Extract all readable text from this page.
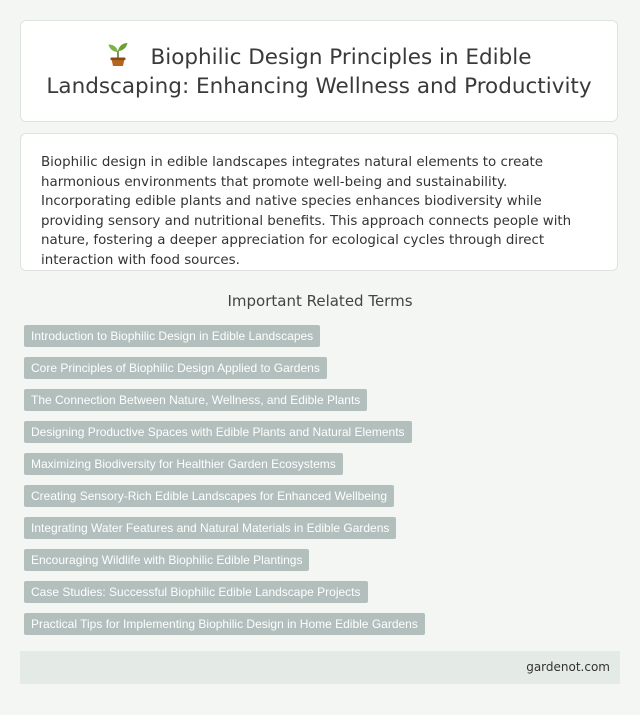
Biophilic Design Principles in Edible Landscaping: Enhancing Wellness and Productivity

Biophilic design in edible landscapes integrates natural elements to create harmonious environments that promote well-being and sustainability. Incorporating edible plants and native species enhances biodiversity while providing sensory and nutritional benefits. This approach connects people with nature, fostering a deeper appreciation for ecological cycles through direct interaction with food sources.

Important Related Terms
Introduction to Biophilic Design in Edible Landscapes
Core Principles of Biophilic Design Applied to Gardens
The Connection Between Nature, Wellness, and Edible Plants
Designing Productive Spaces with Edible Plants and Natural Elements
Maximizing Biodiversity for Healthier Garden Ecosystems
Creating Sensory-Rich Edible Landscapes for Enhanced Wellbeing
Integrating Water Features and Natural Materials in Edible Gardens
Encouraging Wildlife with Biophilic Edible Plantings
Case Studies: Successful Biophilic Edible Landscape Projects
Practical Tips for Implementing Biophilic Design in Home Edible Gardens
gardenot.com
